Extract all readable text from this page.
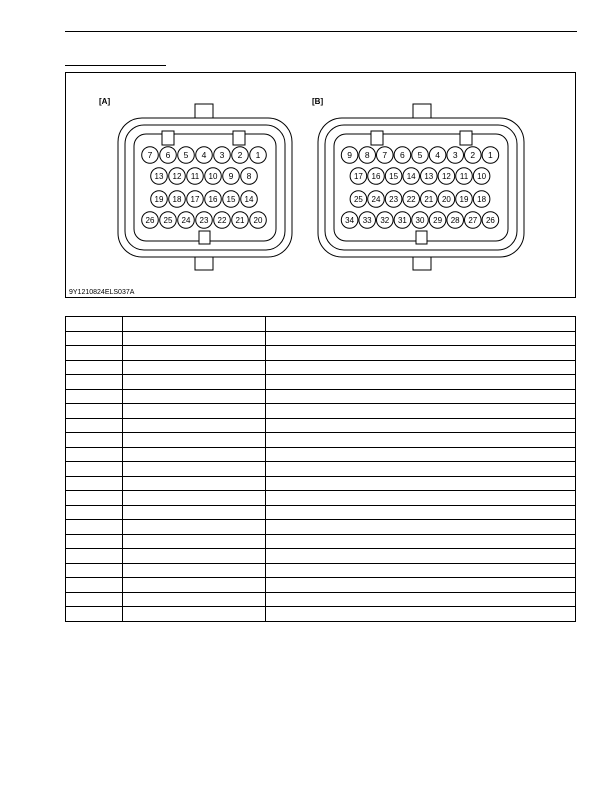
7 6 5 4 3 2 1
13 12 11 10 9 8
19 18 17 16 15 14
26 25 24 23 22 21 20
9 8 7 6 5 4 3 2 1
17 16 15 14 13 12 11 10
25 24 23 22 21 20 19 18
34 33 32 31 30 29 28 27 26
[A]	[B]
9Y1210824ELS037A
